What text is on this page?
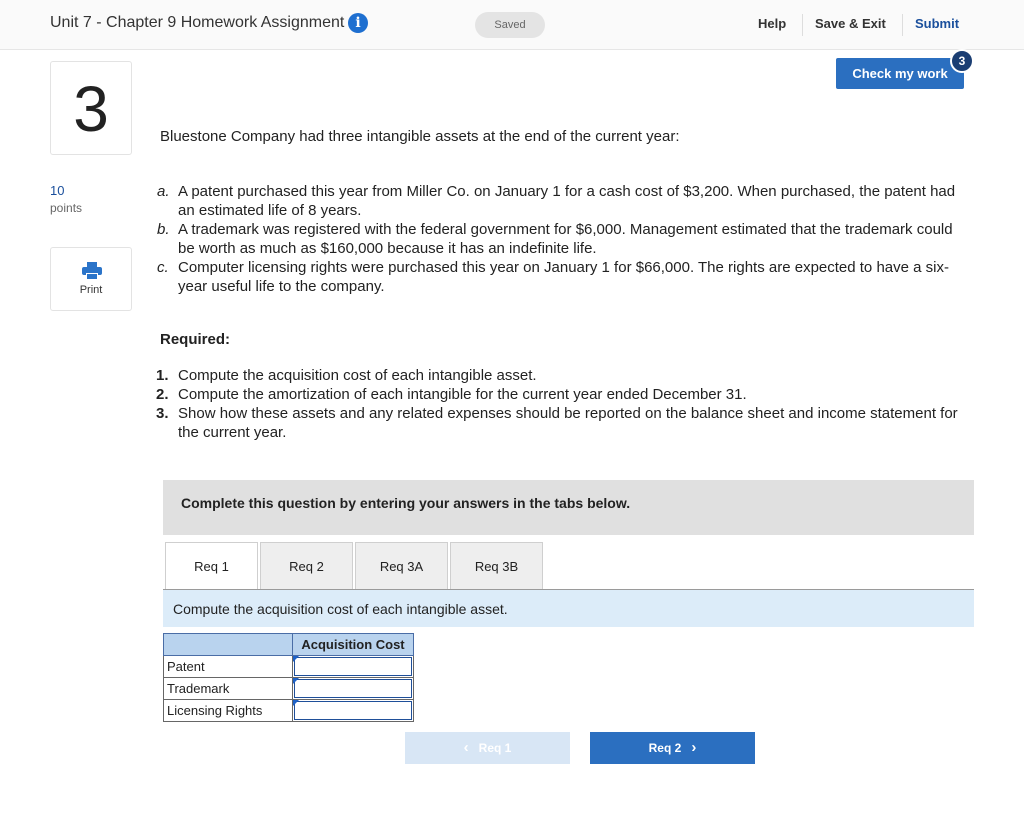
Unit 7 - Chapter 9 Homework Assignment i	Saved	Help Save & Exit Submit
3
10
points
Print
Check my work
3
Bluestone Company had three intangible assets at the end of the current year:
a. A patent purchased this year from Miller Co. on January 1 for a cash cost of $3,200. When purchased, the patent had an estimated life of 8 years.
b. A trademark was registered with the federal government for $6,000. Management estimated that the trademark could be worth as much as $160,000 because it has an indefinite life.
c. Computer licensing rights were purchased this year on January 1 for $66,000. The rights are expected to have a six-year useful life to the company.
Required:
1. Compute the acquisition cost of each intangible asset.
2. Compute the amortization of each intangible for the current year ended December 31.
3. Show how these assets and any related expenses should be reported on the balance sheet and income statement for the current year.
Complete this question by entering your answers in the tabs below.
Req 1	Req 2	Req 3A	Req 3B
Compute the acquisition cost of each intangible asset.
	Acquisition Cost
Patent	

Trademark	

Licensing Rights	
‹ Req 1	Req 2 ›
